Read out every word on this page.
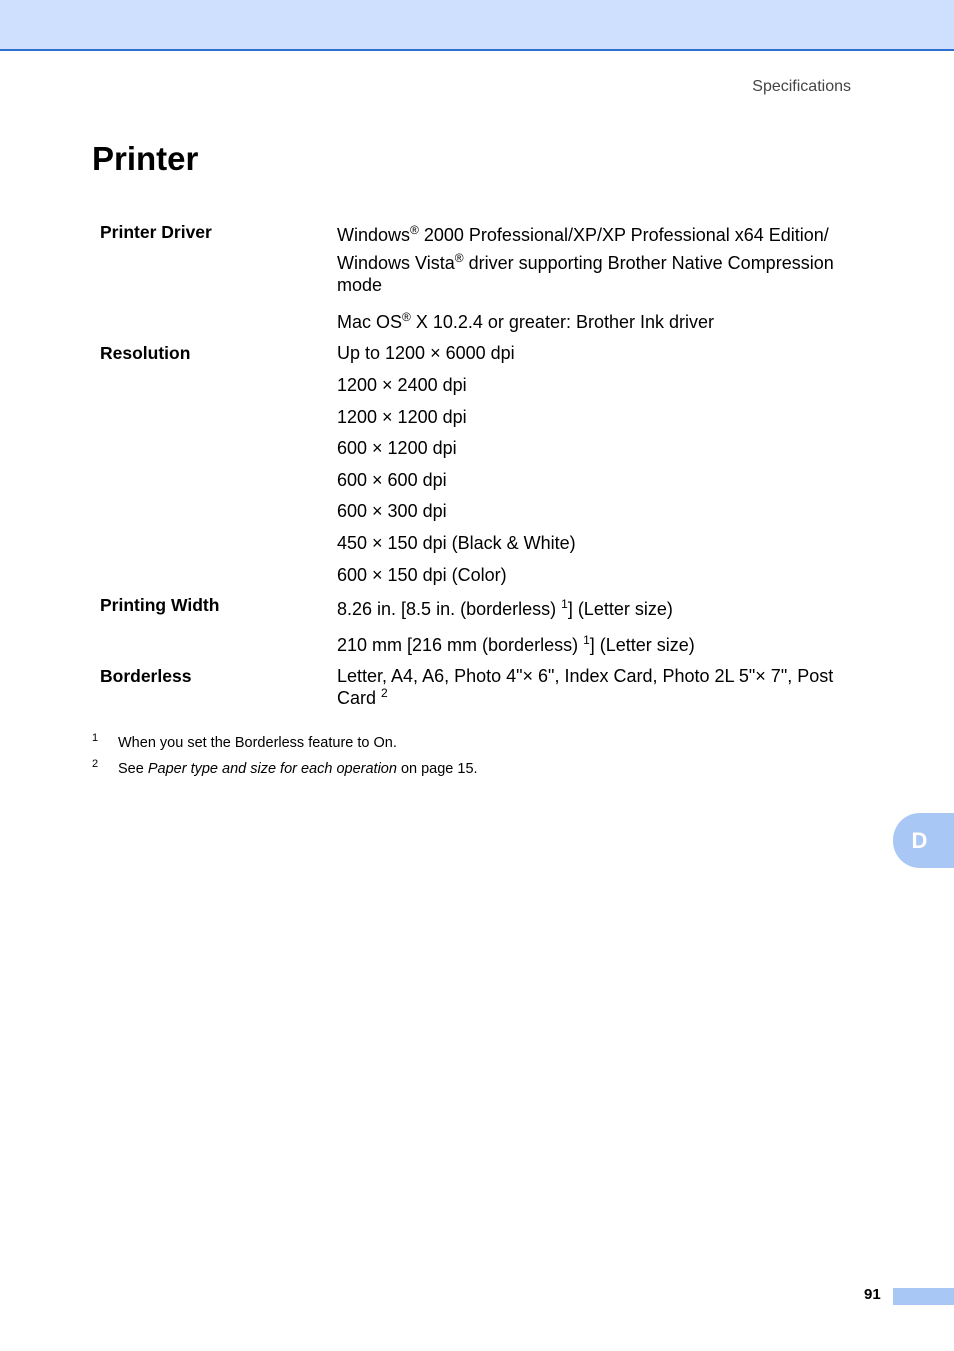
Specifications
Printer
Printer Driver	Windows® 2000 Professional/XP/XP Professional x64 Edition/
Windows Vista® driver supporting Brother Native Compression mode
Mac OS® X 10.2.4 or greater: Brother Ink driver
Resolution	Up to 1200 × 6000 dpi
1200 × 2400 dpi
1200 × 1200 dpi
600 × 1200 dpi
600 × 600 dpi
600 × 300 dpi
450 × 150 dpi (Black & White)
600 × 150 dpi (Color)
Printing Width	8.26 in. [8.5 in. (borderless) $^1$] (Letter size)
210 mm [216 mm (borderless) $^1$] (Letter size)
Borderless	Letter, A4, A6, Photo 4"× 6", Index Card, Photo 2L 5"× 7", Post Card $^2$
1 When you set the Borderless feature to On.
2 See Paper type and size for each operation on page 15.
D
91
